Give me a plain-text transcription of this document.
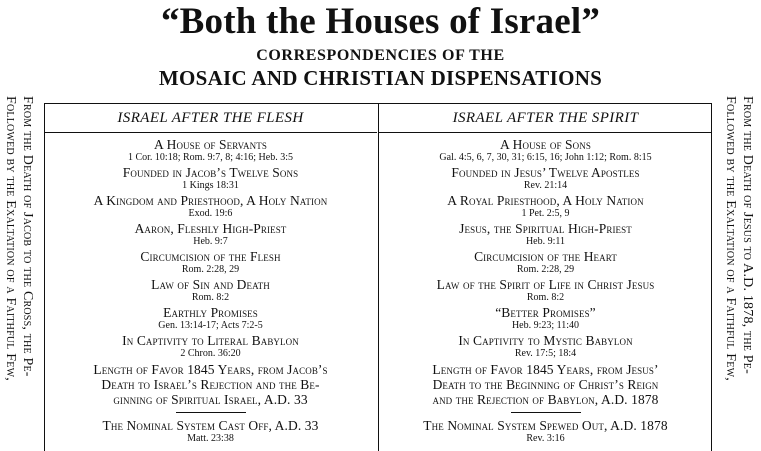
“Both the Houses of Israel”
CORRESPONDENCIES OF THE
MOSAIC AND CHRISTIAN DISPENSATIONS
From the Death of Jacob to the Cross, the Pe-
Followed by the Exaltation of a Faithful Few,
From the Death of Jesus to A.D. 1878, the Pe-
Followed by the Exaltation of a Faithful Few,
ISRAEL AFTER THE FLESH
A House of Servants
1 Cor. 10:18; Rom. 9:7, 8; 4:16; Heb. 3:5
Founded in Jacob’s Twelve Sons
1 Kings 18:31
A Kingdom and Priesthood, A Holy Nation
Exod. 19:6
Aaron, Fleshly High-Priest
Heb. 9:7
Circumcision of the Flesh
Rom. 2:28, 29
Law of Sin and Death
Rom. 8:2
Earthly Promises
Gen. 13:14-17; Acts 7:2-5
In Captivity to Literal Babylon
2 Chron. 36:20
Length of Favor 1845 Years, from Jacob’s
Death to Israel’s Rejection and the Be-
ginning of Spiritual Israel, A.D. 33
The Nominal System Cast Off, A.D. 33
Matt. 23:38
ISRAEL AFTER THE SPIRIT
A House of Sons
Gal. 4:5, 6, 7, 30, 31; 6:15, 16; John 1:12; Rom. 8:15
Founded in Jesus’ Twelve Apostles
Rev. 21:14
A Royal Priesthood, A Holy Nation
1 Pet. 2:5, 9
Jesus, the Spiritual High-Priest
Heb. 9:11
Circumcision of the Heart
Rom. 2:28, 29
Law of the Spirit of Life in Christ Jesus
Rom. 8:2
“Better Promises”
Heb. 9:23; 11:40
In Captivity to Mystic Babylon
Rev. 17:5; 18:4
Length of Favor 1845 Years, from Jesus’
Death to the Beginning of Christ’s Reign
and the Rejection of Babylon, A.D. 1878
The Nominal System Spewed Out, A.D. 1878
Rev. 3:16
